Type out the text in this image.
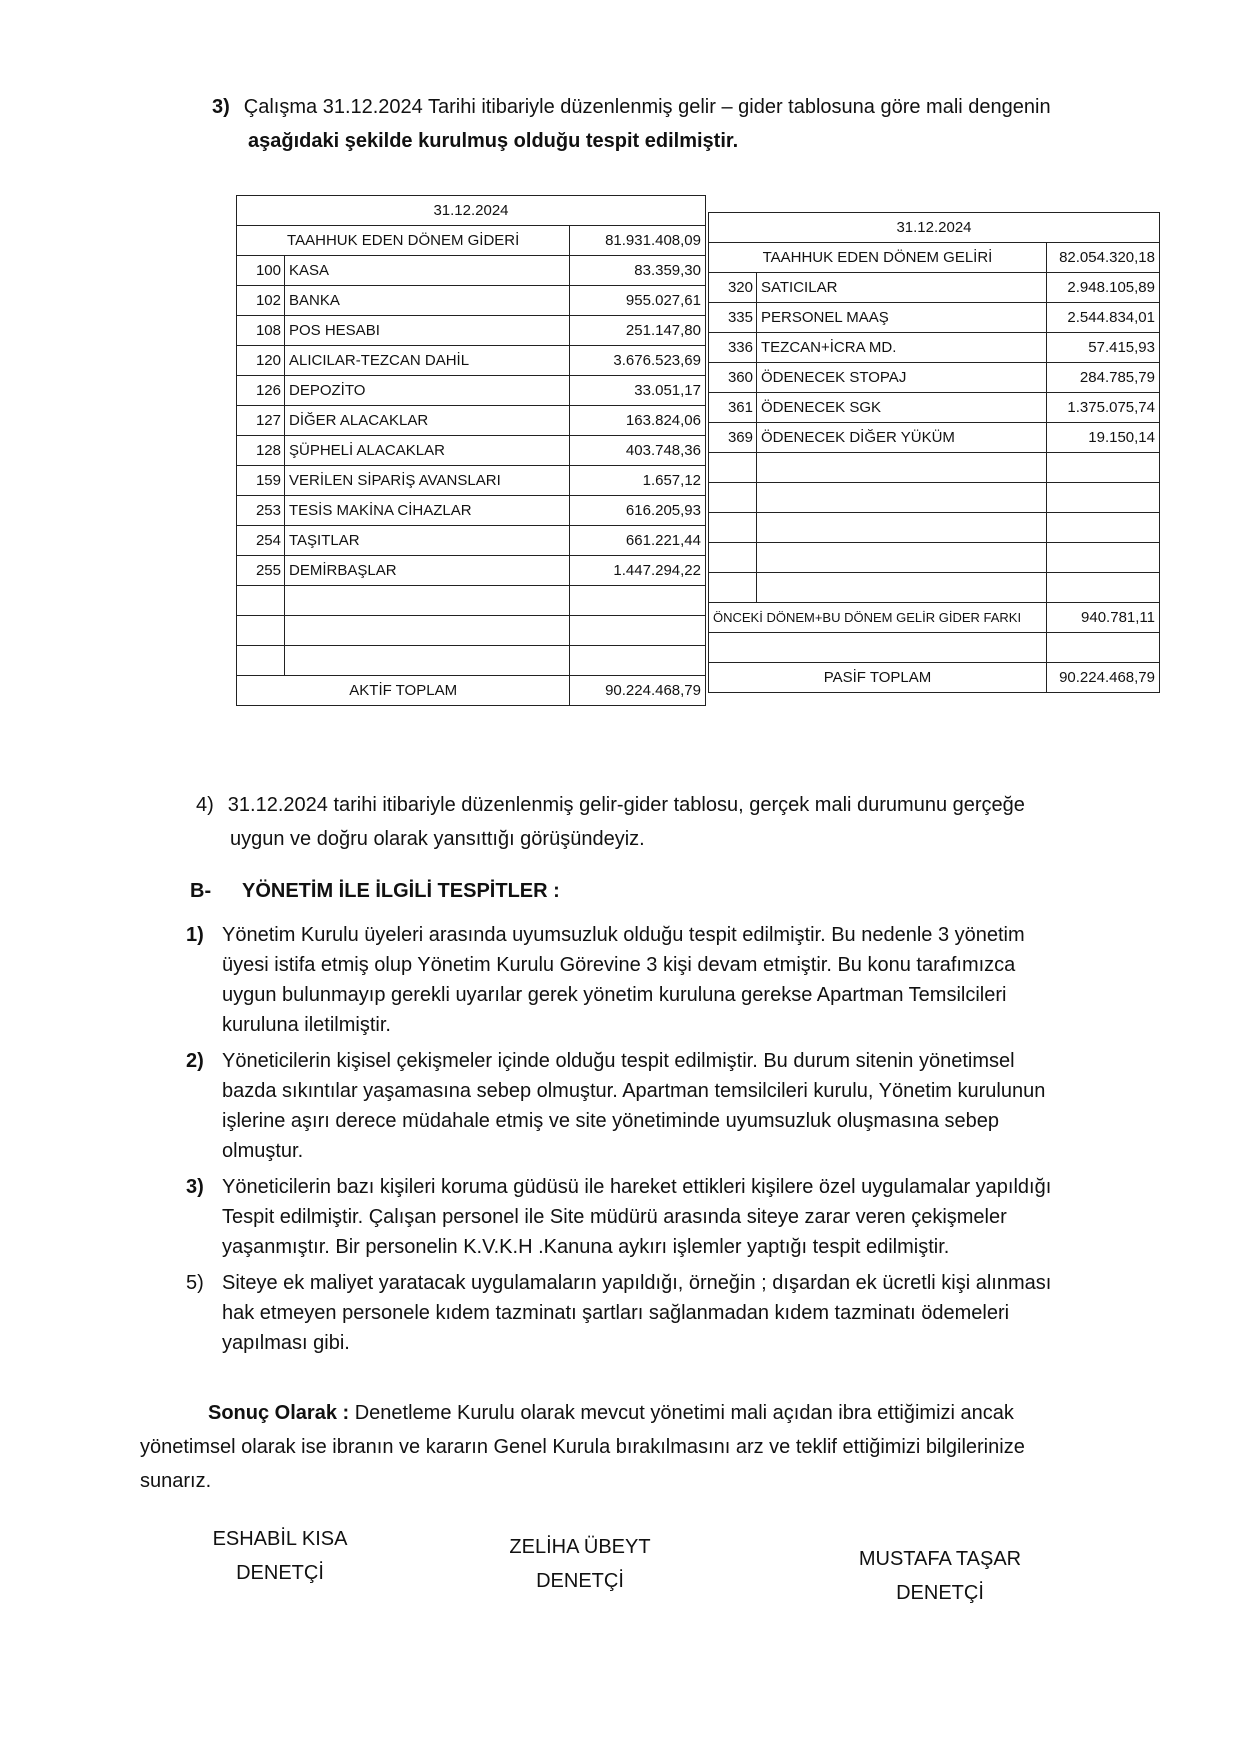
3) Çalışma 31.12.2024 Tarihi itibariyle düzenlenmiş gelir – gider tablosuna göre mali dengenin
aşağıdaki şekilde kurulmuş olduğu tespit edilmiştir.
31.12.2024		
TAAHHUK EDEN DÖNEM GİDERİ		81.931.408,09
100	KASA	83.359,30
102	BANKA	955.027,61
108	POS HESABI	251.147,80
120	ALICILAR-TEZCAN DAHİL	3.676.523,69
126	DEPOZİTO	33.051,17
127	DİĞER ALACAKLAR	163.824,06
128	ŞÜPHELİ ALACAKLAR	403.748,36
159	VERİLEN SİPARİŞ AVANSLARI	1.657,12
253	TESİS MAKİNA CİHAZLAR	616.205,93
254	TAŞITLAR	661.221,44
255	DEMİRBAŞLAR	1.447.294,22

AKTİF TOPLAM		90.224.468,79
31.12.2024		
TAAHHUK EDEN DÖNEM GELİRİ		82.054.320,18
320	SATICILAR	2.948.105,89
335	PERSONEL MAAŞ	2.544.834,01
336	TEZCAN+İCRA MD.	57.415,93
360	ÖDENECEK STOPAJ	284.785,79
361	ÖDENECEK SGK	1.375.075,74
369	ÖDENECEK DİĞER YÜKÜM	19.150,14

ÖNCEKİ DÖNEM+BU DÖNEM GELİR GİDER FARKI		940.781,11

PASİF TOPLAM		90.224.468,79
4) 31.12.2024 tarihi itibariyle düzenlenmiş gelir-gider tablosu, gerçek mali durumunu gerçeğe
uygun ve doğru olarak yansıttığı görüşündeyiz.
B- YÖNETİM İLE İLGİLİ TESPİTLER :
1) Yönetim Kurulu üyeleri arasında uyumsuzluk olduğu tespit edilmiştir. Bu nedenle 3 yönetim
üyesi istifa etmiş olup Yönetim Kurulu Görevine 3 kişi devam etmiştir. Bu konu tarafımızca
uygun bulunmayıp gerekli uyarılar gerek yönetim kuruluna gerekse Apartman Temsilcileri
kuruluna iletilmiştir.
2) Yöneticilerin kişisel çekişmeler içinde olduğu tespit edilmiştir. Bu durum sitenin yönetimsel
bazda sıkıntılar yaşamasına sebep olmuştur. Apartman temsilcileri kurulu, Yönetim kurulunun
işlerine aşırı derece müdahale etmiş ve site yönetiminde uyumsuzluk oluşmasına sebep
olmuştur.
3) Yöneticilerin bazı kişileri koruma güdüsü ile hareket ettikleri kişilere özel uygulamalar yapıldığı
Tespit edilmiştir. Çalışan personel ile Site müdürü arasında siteye zarar veren çekişmeler
yaşanmıştır. Bir personelin K.V.K.H .Kanuna aykırı işlemler yaptığı tespit edilmiştir.
5) Siteye ek maliyet yaratacak uygulamaların yapıldığı, örneğin ; dışardan ek ücretli kişi alınması
hak etmeyen personele kıdem tazminatı şartları sağlanmadan kıdem tazminatı ödemeleri
yapılması gibi.
Sonuç Olarak : Denetleme Kurulu olarak mevcut yönetimi mali açıdan ibra ettiğimizi ancak
yönetimsel olarak ise ibranın ve kararın Genel Kurula bırakılmasını arz ve teklif ettiğimizi bilgilerinize
sunarız.
ESHABİL KISA
DENETÇİ
ZELİHA ÜBEYT
DENETÇİ
MUSTAFA TAŞAR
DENETÇİ
